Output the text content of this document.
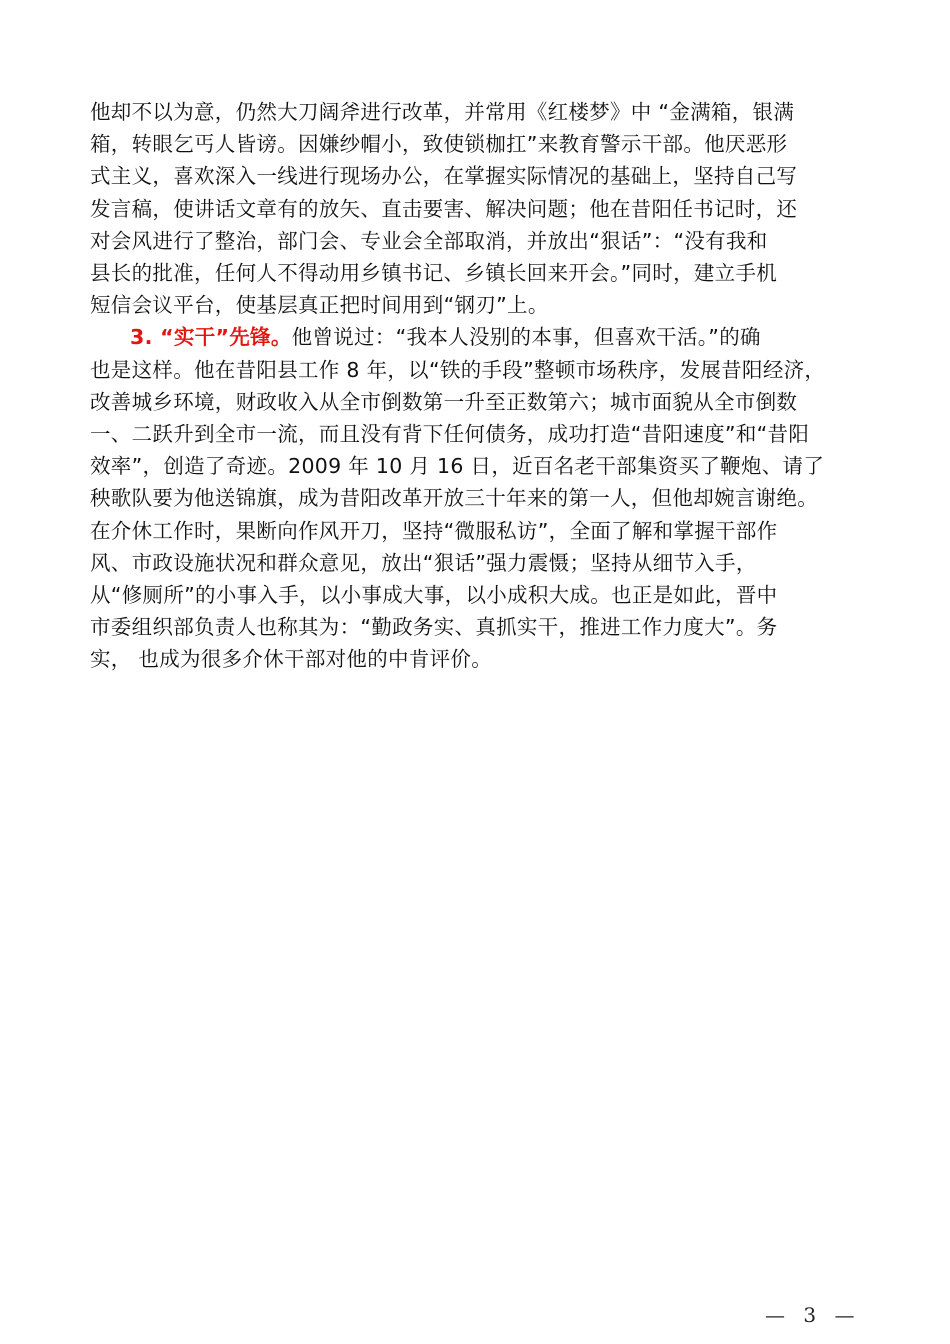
他却不以为意，仍然大刀阔斧进行改革，并常用《红楼梦》中 “金满箱，银满
箱，转眼乞丐人皆谤。因嫌纱帽小，致使锁枷扛”来教育警示干部。他厌恶形
式主义，喜欢深入一线进行现场办公，在掌握实际情况的基础上，坚持自己写
发言稿，使讲话文章有的放矢、直击要害、解决问题；他在昔阳任书记时，还
对会风进行了整治，部门会、专业会全部取消，并放出“狠话”：“没有我和
县长的批准，任何人不得动用乡镇书记、乡镇长回来开会。”同时，建立手机
短信会议平台，使基层真正把时间用到“钢刃”上。
3. “实干”先锋。他曾说过：“我本人没别的本事，但喜欢干活。”的确
也是这样。他在昔阳县工作 8 年，以“铁的手段”整顿市场秩序，发展昔阳经济，
改善城乡环境，财政收入从全市倒数第一升至正数第六；城市面貌从全市倒数
一、二跃升到全市一流，而且没有背下任何债务，成功打造“昔阳速度”和“昔阳
效率”，创造了奇迹。2009 年 10 月 16 日，近百名老干部集资买了鞭炮、请了
秧歌队要为他送锦旗，成为昔阳改革开放三十年来的第一人，但他却婉言谢绝。
在介休工作时，果断向作风开刀，坚持“微服私访”，全面了解和掌握干部作
风、市政设施状况和群众意见，放出“狠话”强力震慑；坚持从细节入手，
从“修厕所”的小事入手，以小事成大事，以小成积大成。也正是如此，晋中
市委组织部负责人也称其为：“勤政务实、真抓实干，推进工作力度大”。务
实， 也成为很多介休干部对他的中肯评价。
— 3 —
